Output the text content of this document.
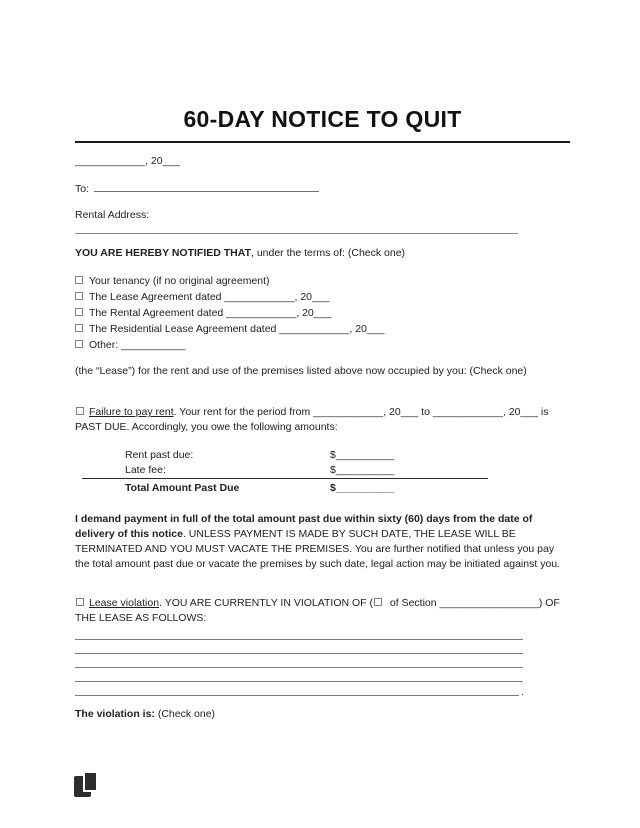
60-DAY NOTICE TO QUIT

____________, 20___

To:

Rental Address:

YOU ARE HEREBY NOTIFIED THAT, under the terms of: (Check one)

Your tenancy (if no original agreement)
The Lease Agreement dated ____________, 20___
The Rental Agreement dated ____________, 20___
The Residential Lease Agreement dated ____________, 20___
Other: ___________

(the “Lease”) for the rent and use of the premises listed above now occupied by you: (Check one)

Failure to pay rent. Your rent for the period from ____________, 20___ to ____________, 20___ is PAST DUE. Accordingly, you owe the following amounts:

Rent past due:	$__________
Late fee:	$__________
Total Amount Past Due	$__________

I demand payment in full of the total amount past due within sixty (60) days from the date of delivery of this notice. UNLESS PAYMENT IS MADE BY SUCH DATE, THE LEASE WILL BE TERMINATED AND YOU MUST VACATE THE PREMISES. You are further notified that unless you pay the total amount past due or vacate the premises by such date, legal action may be initiated against you.

Lease violation. YOU ARE CURRENTLY IN VIOLATION OF ( of Section _________________) OF THE LEASE AS FOLLOWS:

.

The violation is: (Check one)
